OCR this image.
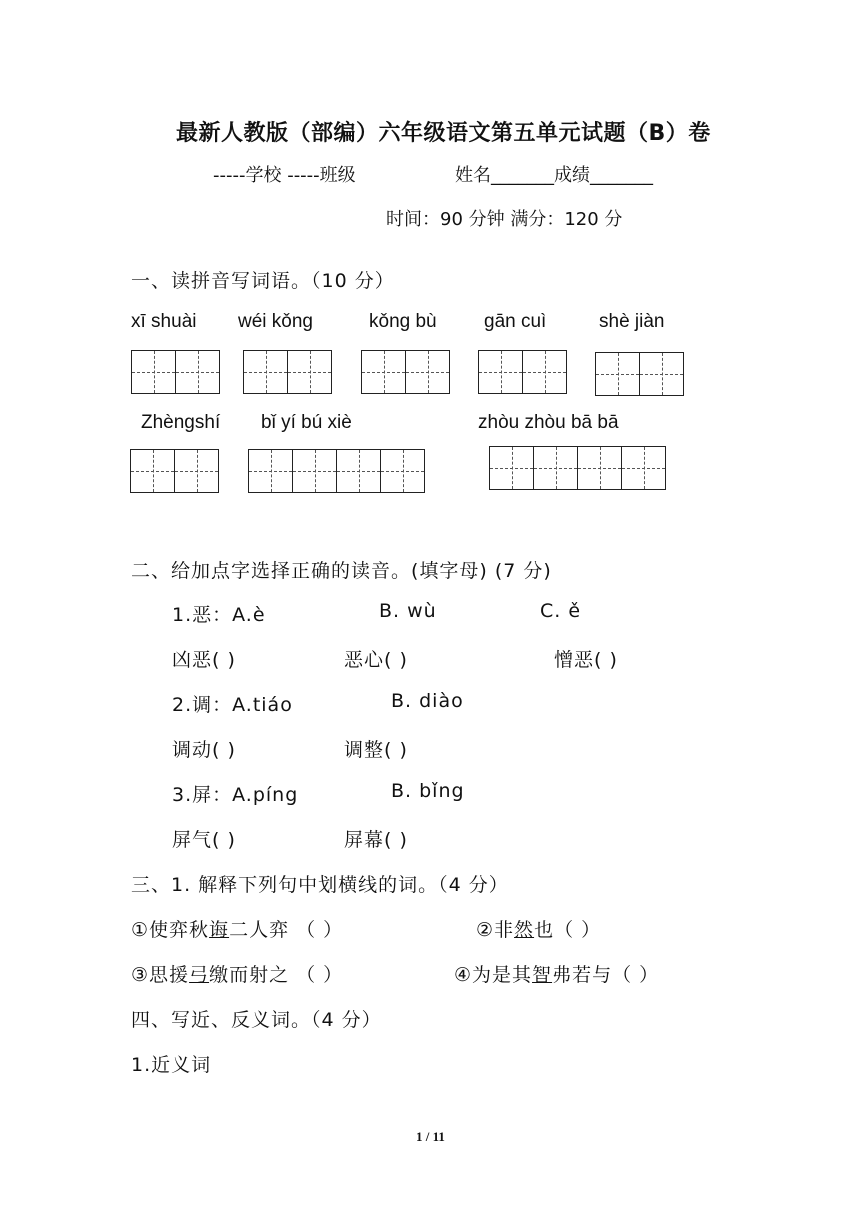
最新人教版（部编）六年级语文第五单元试题（B）卷
-----学校 -----班级	姓名_______成绩_______
时间：90 分钟 满分：120 分
一、读拼音写词语。（10 分）
xī shuài wéi kǒng	kǒng bù gān cuì	shè jiàn
Zhèngshí bǐ yí bú xiè	zhòu zhòu bā bā
二、给加点字选择正确的读音。(填字母) (7 分)
1.恶：A.è	B. wù	C. ě
凶恶( )	恶心( )	憎恶( )
2.调：A.tiáo	B. diào
调动( )	调整( )
3.屏：A.píng	B. bǐng
屏气( )	屏幕( )
三、1. 解释下列句中划横线的词。（4 分）
①使弈秋诲二人弈 （ ）	②非然也（ ）
③思援弓缴而射之 （ ）	④为是其智弗若与（ ）
四、写近、反义词。（4 分）
1.近义词
1 / 11
